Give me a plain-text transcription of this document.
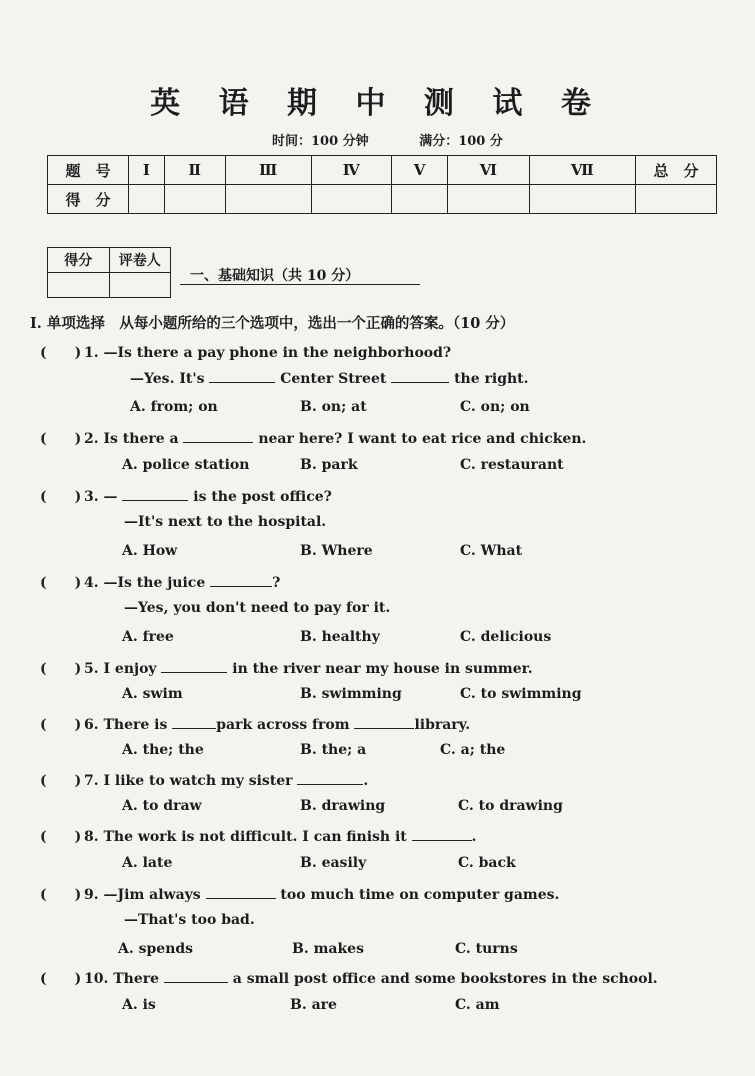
英 语 期 中 测 试 卷
时间：100 分钟	满分：100 分
题　号	Ⅰ	Ⅱ	Ⅲ	Ⅳ	Ⅴ	Ⅵ	Ⅶ	总　分
得　分								
得分	评卷人

一、基础知识（共 10 分）
Ⅰ. 单项选择　从每小题所给的三个选项中，选出一个正确的答案。（10 分）
(　　) 1. —Is there a pay phone in the neighborhood?
—Yes. It's	Center Street	the right.
A. from; on	B. on; at	C. on; on
(　　) 2. Is there a	near here? I want to eat rice and chicken.
A. police station	B. park	C. restaurant
(　　) 3. —	is the post office?
—It's next to the hospital.
A. How	B. Where	C. What
(　　) 4. —Is the juice	?
—Yes, you don't need to pay for it.
A. free	B. healthy	C. delicious
(　　) 5. I enjoy	in the river near my house in summer.
A. swim	B. swimming	C. to swimming
(　　) 6. There is	park across from	library.
A. the; the	B. the; a	C. a; the
(　　) 7. I like to watch my sister	.
A. to draw	B. drawing	C. to drawing
(　　) 8. The work is not difficult. I can finish it	.
A. late	B. easily	C. back
(　　) 9. —Jim always	too much time on computer games.
—That's too bad.
A. spends	B. makes	C. turns
(　　) 10. There	a small post office and some bookstores in the school.
A. is	B. are	C. am
